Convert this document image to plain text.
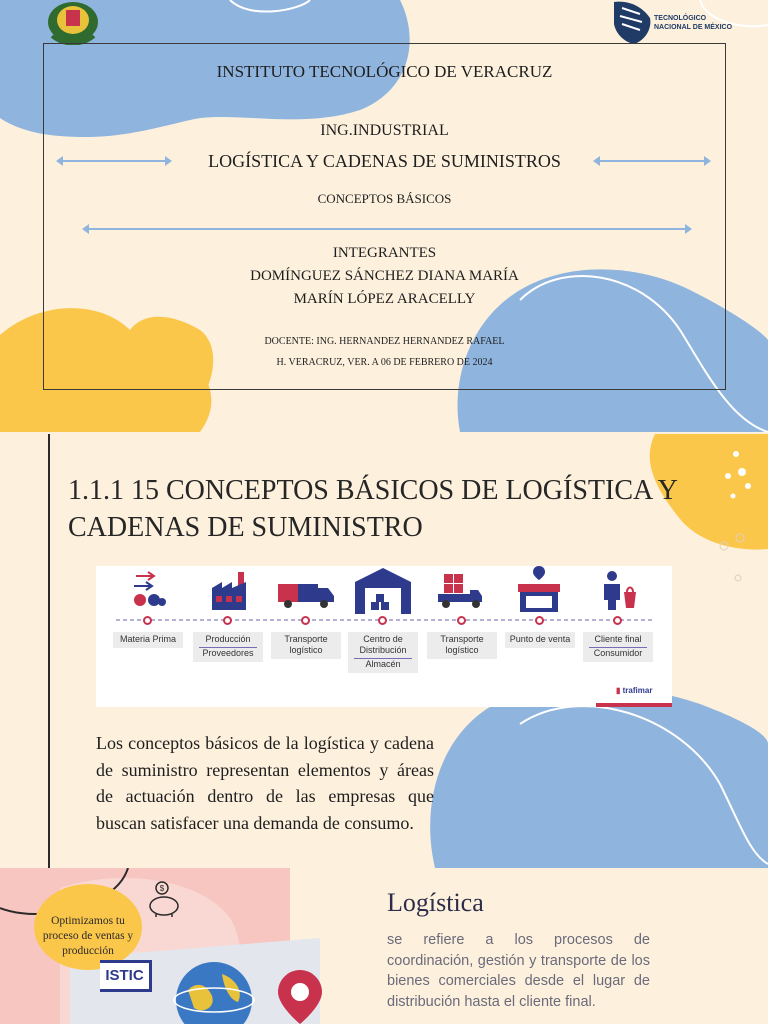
TECNOLÓGICO
NACIONAL DE MÉXICO
INSTITUTO TECNOLÓGICO DE VERACRUZ
ING.INDUSTRIAL
LOGÍSTICA Y CADENAS DE SUMINISTROS
CONCEPTOS BÁSICOS
INTEGRANTES
DOMÍNGUEZ SÁNCHEZ DIANA MARÍA
MARÍN LÓPEZ ARACELLY
DOCENTE: ING. HERNANDEZ HERNANDEZ RAFAEL
H. VERACRUZ, VER. A 06 DE FEBRERO DE 2024
1.1.1 15 CONCEPTOS BÁSICOS DE LOGÍSTICA Y CADENAS DE SUMINISTRO
Materia Prima	Producción
Proveedores
Transporte logístico
Centro de Distribución
Almacén
Transporte logístico
Punto de venta	Cliente final
Consumidor
▮ trafimar
Los conceptos básicos de la logística y cadena de suministro representan elementos y áreas de actuación dentro de las empresas que buscan satisfacer una demanda de consumo.
Optimizamos tu proceso de ventas y producción
$
ISTIC
Logística
se refiere a los procesos de coordinación, gestión y transporte de los bienes comerciales desde el lugar de distribución hasta el cliente final.
